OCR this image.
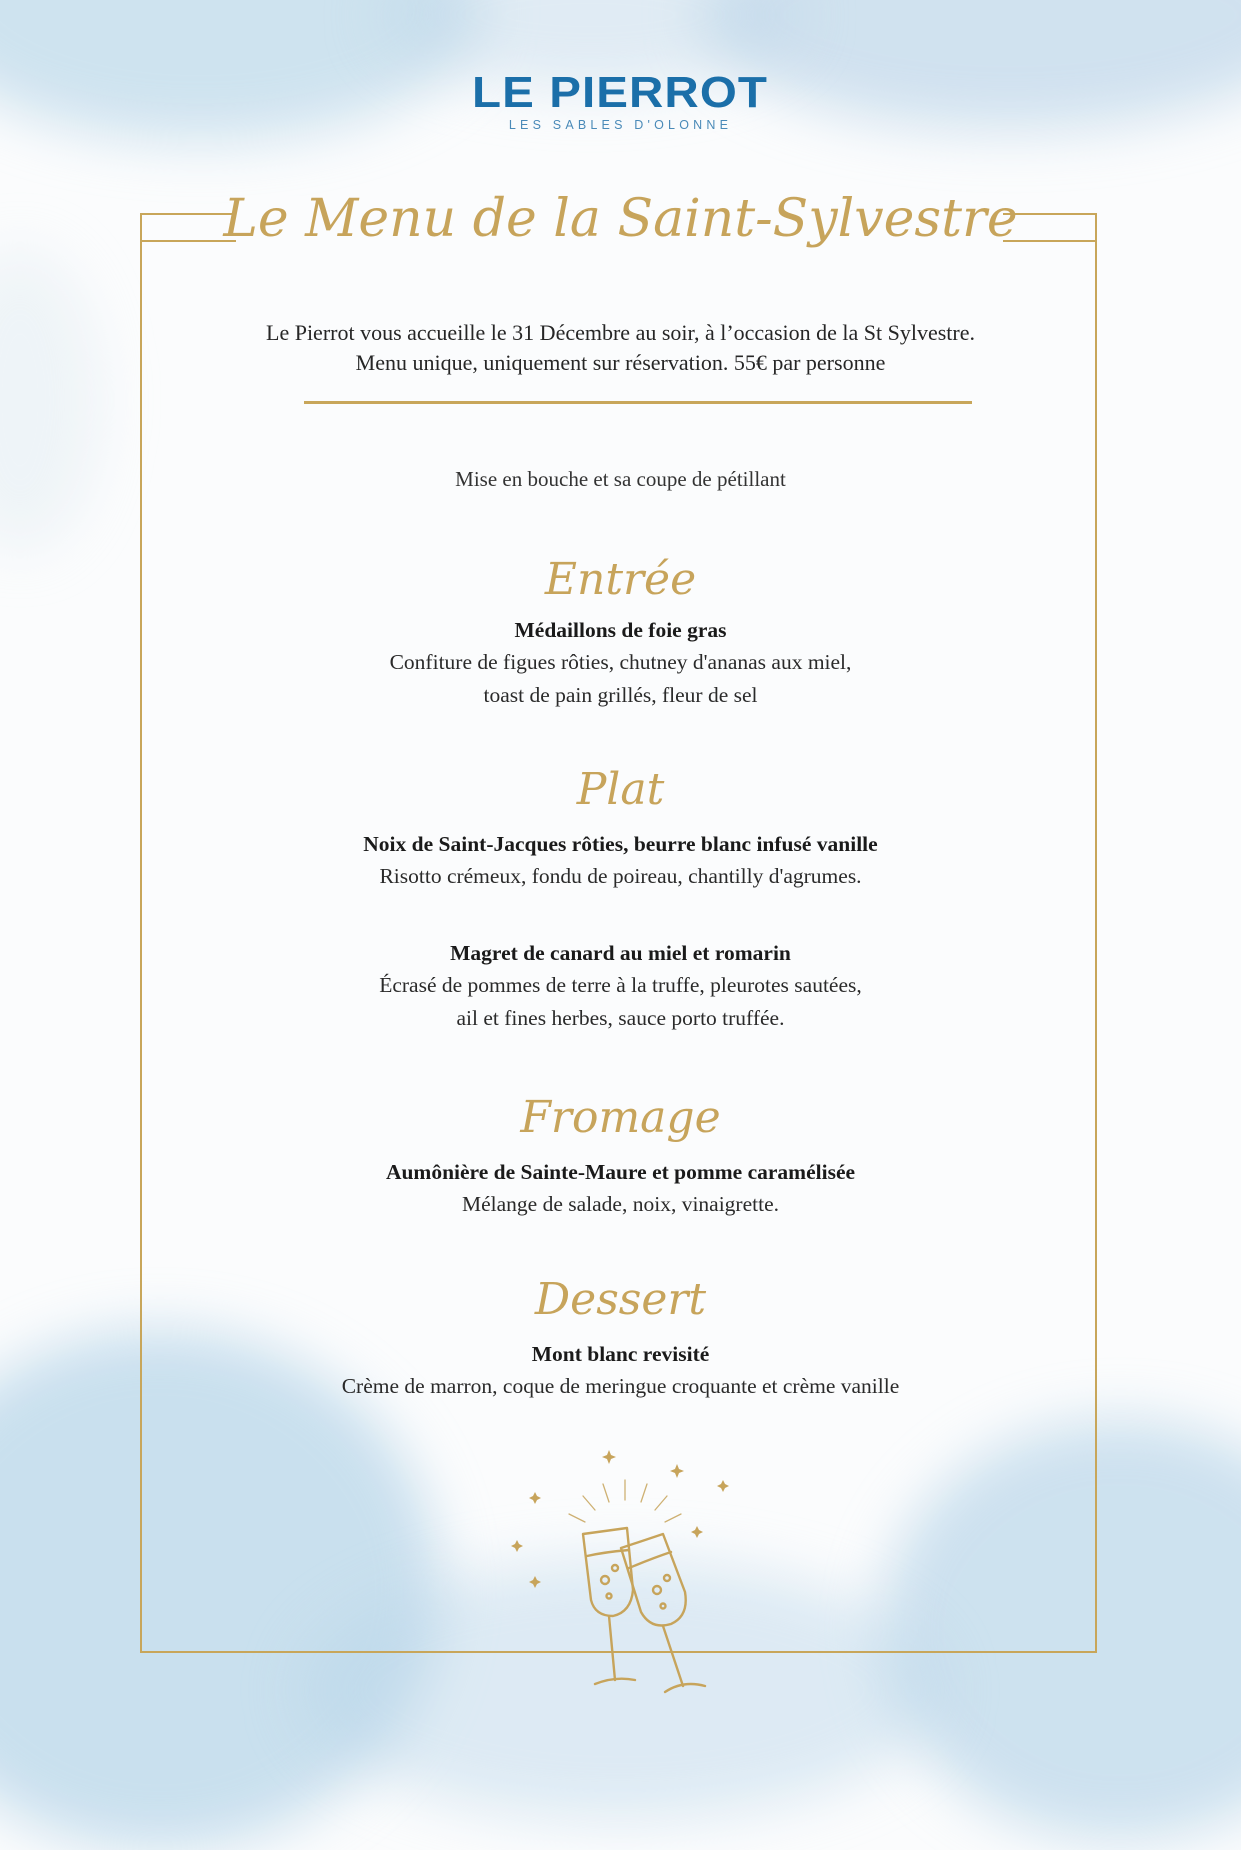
LE PIERROT
LES SABLES D'OLONNE
Le Menu de la Saint-Sylvestre
Le Pierrot vous accueille le 31 Décembre au soir, à l’occasion de la St Sylvestre.
Menu unique, uniquement sur réservation. 55€ par personne
Mise en bouche et sa coupe de pétillant
Entrée
Médaillons de foie gras
Confiture de figues rôties, chutney d'ananas aux miel,
toast de pain grillés, fleur de sel
Plat
Noix de Saint-Jacques rôties, beurre blanc infusé vanille
Risotto crémeux, fondu de poireau, chantilly d'agrumes.
Magret de canard au miel et romarin
Écrasé de pommes de terre à la truffe, pleurotes sautées,
ail et fines herbes, sauce porto truffée.
Fromage
Aumônière de Sainte-Maure et pomme caramélisée
Mélange de salade, noix, vinaigrette.
Dessert
Mont blanc revisité
Crème de marron, coque de meringue croquante et crème vanille
